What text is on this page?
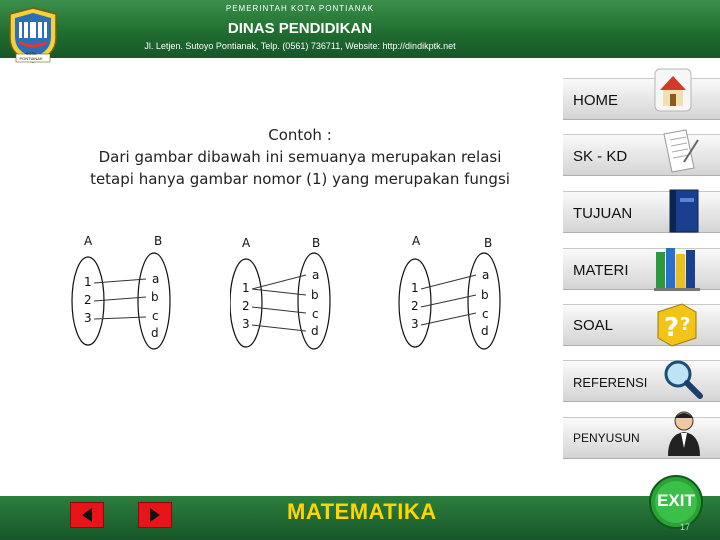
KOTA PONTIANAK
PEMERINTAH KOTA PONTIANAK
DINAS PENDIDIKAN
Jl. Letjen. Sutoyo Pontianak, Telp. (0561) 736711, Website: http://dindikptk.net
HOME
SK - KD
TUJUAN
MATERI
SOAL ? ?
REFERENSI
PENYUSUN
Contoh :
Dari gambar dibawah ini semuanya merupakan relasi
tetapi hanya gambar nomor (1) yang merupakan fungsi
A	B
1
2
3
a
b
c
d
A	B
1
2
3
a
b
c
d
A	B
1
2
3
a
b
c
d
MATEMATIKA	EXIT
17
